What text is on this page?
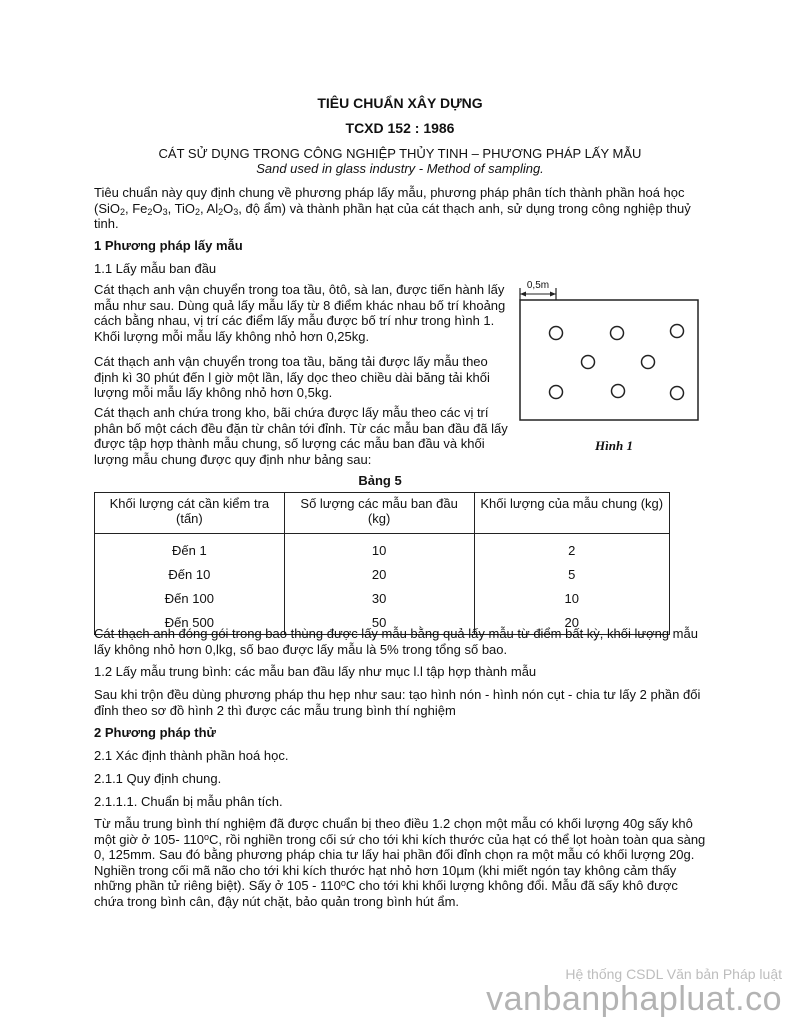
TIÊU CHUẨN XÂY DỰNG
TCXD 152 : 1986
CÁT SỬ DỤNG TRONG CÔNG NGHIỆP THỦY TINH – PHƯƠNG PHÁP LẤY MẪU
Sand used in glass industry - Method of sampling.

Tiêu chuẩn này quy định chung về phương pháp lấy mẫu, phương pháp phân tích thành phần hoá học (SiO$_2$, $Fe_2O_3$, TiO$_2$, $Al_2O_3$, độ ẩm) và thành phần hạt của cát thạch anh, sử dụng trong công nghiệp thuỷ tinh.

1 Phương pháp lấy mẫu

1.1 Lấy mẫu ban đầu

Cát thạch anh vận chuyển trong toa tầu, ôtô, sà lan, được tiến hành lấy mẫu như sau. Dùng quả lấy mẫu lấy từ 8 điểm khác nhau bố trí khoảng cách bằng nhau, vị trí các điểm lấy mẫu được bố trí như trong hình 1. Khối lượng mỗi mẫu lấy không nhỏ hơn 0,25kg.

Cát thạch anh vận chuyển trong toa tầu, băng tải được lấy mẫu theo định kì 30 phút đến l giờ một lần, lấy dọc theo chiều dài băng tải khối lượng mỗi mẫu lấy không nhỏ hơn 0,5kg.

Cát thạch anh chứa trong kho, bãi chứa được lấy mẫu theo các vị trí phân bố một cách đều đặn từ chân tới đỉnh. Từ các mẫu ban đầu đã lấy được tập hợp thành mẫu chung, số lượng các mẫu ban đầu và khối lượng mẫu chung được quy định như bảng sau:

0,5m
Hình 1
Bảng 5
Khối lượng cát cần kiểm tra (tấn)	Số lượng các mẫu ban đầu (kg)	Khối lượng của mẫu chung (kg)
Đến 1	10	2
Đến 10	20	5
Đến 100	30	10
Đến 500	50	20

Cát thạch anh đóng gói trong bao thùng được lấy mẫu bằng quả lấy mẫu từ điểm bất kỳ, khối lượng mẫu lấy không nhỏ hơn 0,lkg, số bao được lấy mẫu là 5% trong tổng số bao.

1.2 Lấy mẫu trung bình: các mẫu ban đầu lấy như mục l.l tập hợp thành mẫu

Sau khi trộn đều dùng phương pháp thu hẹp như sau: tạo hình nón - hình nón cụt - chia tư lấy 2 phần đối đỉnh theo sơ đồ hình 2 thì được các mẫu trung bình thí nghiệm

2 Phương pháp thử

2.1 Xác định thành phần hoá học.

2.1.1 Quy định chung.

2.1.1.1. Chuẩn bị mẫu phân tích.

Từ mẫu trung bình thí nghiệm đã được chuẩn bị theo điều 1.2 chọn một mẫu có khối lượng 40g sấy khô một giờ ở 105- 110$^o$C, rồi nghiền trong cối sứ cho tới khi kích thước của hạt có thể lọt hoàn toàn qua sàng 0, 125mm. Sau đó bằng phương pháp chia tư lấy hai phần đối đỉnh chọn ra một mẫu có khối lượng 20g. Nghiền trong cối mã não cho tới khi kích thước hạt nhỏ hơn 10µm (khi miết ngón tay không cảm thấy những phần tử riêng biệt). Sấy ở 105 - 110$^o$C cho tới khi khối lượng không đổi. Mẫu đã sấy khô được chứa trong bình cân, đậy nút chặt, bảo quản trong bình hút ẩm.

Hệ thống CSDL Văn bản Pháp luật
vanbanphapluat.co
